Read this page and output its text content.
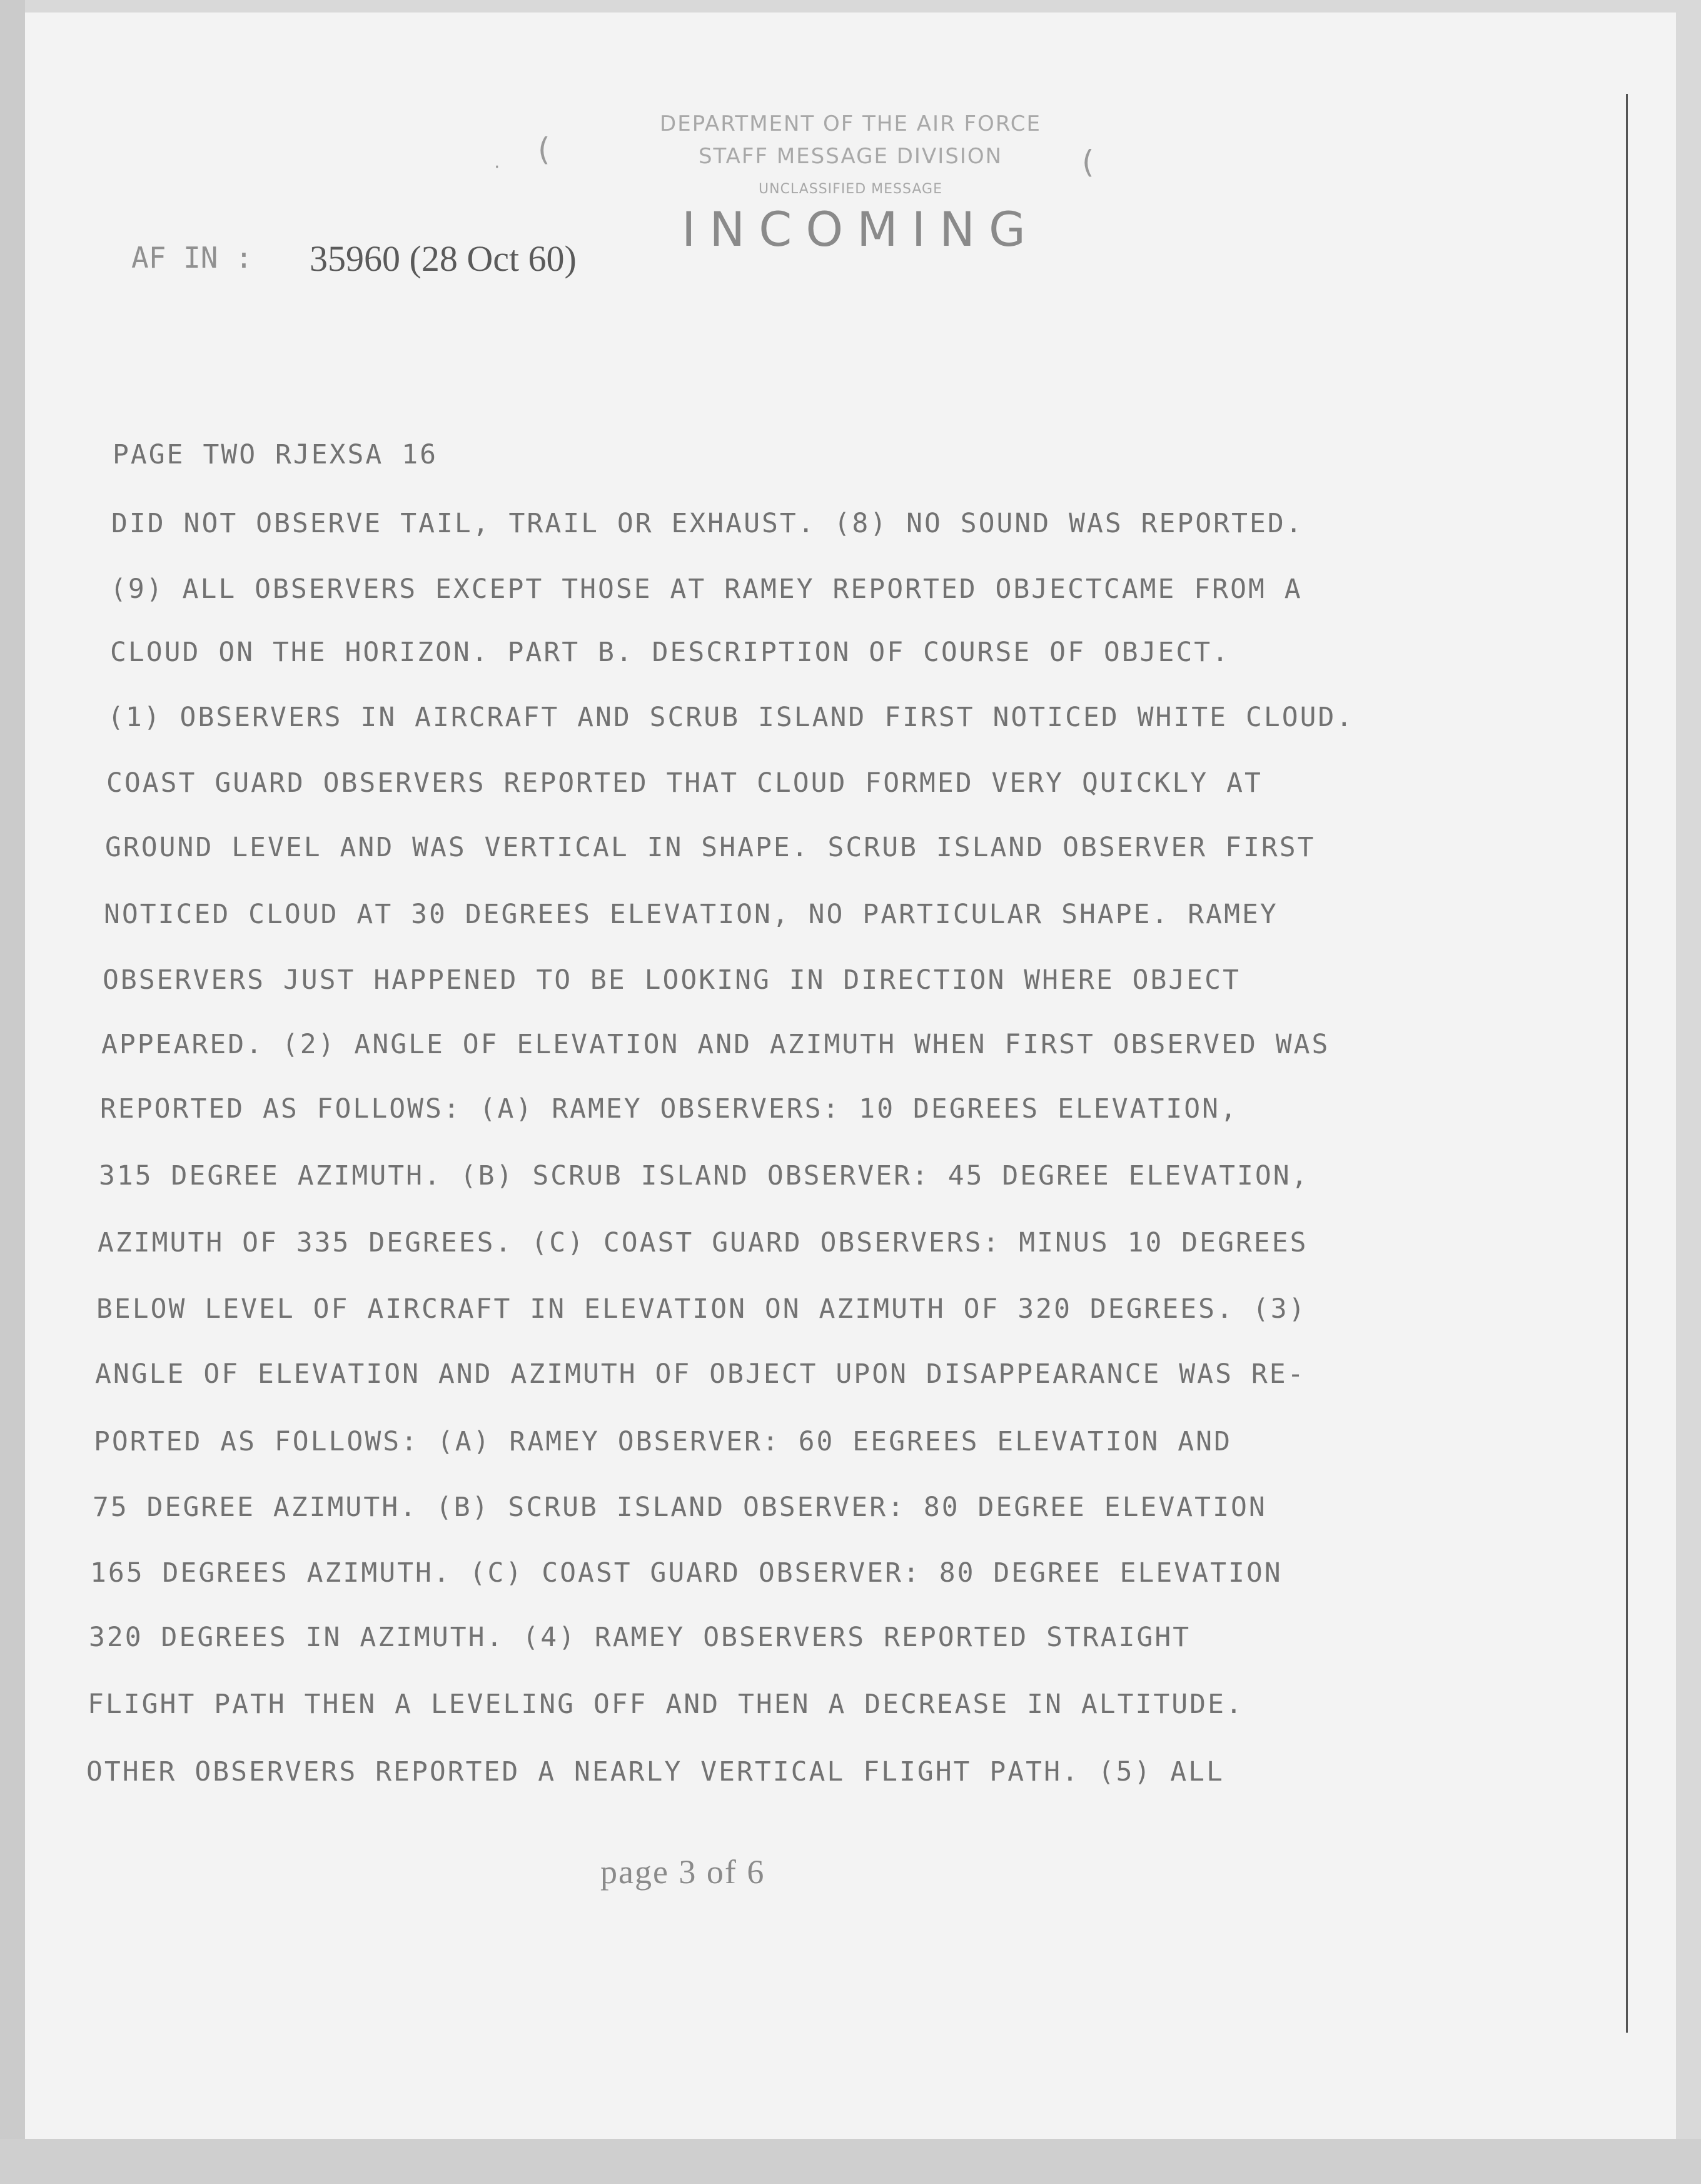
DEPARTMENT OF THE AIR FORCE
STAFF MESSAGE DIVISION
UNCLASSIFIED MESSAGE
INCOMING
· (	(
AF IN : 35960 (28 Oct 60)
PAGE TWO RJEXSA 16
DID NOT OBSERVE TAIL, TRAIL OR EXHAUST. (8) NO SOUND WAS REPORTED.
(9) ALL OBSERVERS EXCEPT THOSE AT RAMEY REPORTED OBJECTCAME FROM A
CLOUD ON THE HORIZON. PART B. DESCRIPTION OF COURSE OF OBJECT.
(1) OBSERVERS IN AIRCRAFT AND SCRUB ISLAND FIRST NOTICED WHITE CLOUD.
COAST GUARD OBSERVERS REPORTED THAT CLOUD FORMED VERY QUICKLY AT
GROUND LEVEL AND WAS VERTICAL IN SHAPE. SCRUB ISLAND OBSERVER FIRST
NOTICED CLOUD AT 30 DEGREES ELEVATION, NO PARTICULAR SHAPE. RAMEY
OBSERVERS JUST HAPPENED TO BE LOOKING IN DIRECTION WHERE OBJECT
APPEARED. (2) ANGLE OF ELEVATION AND AZIMUTH WHEN FIRST OBSERVED WAS
REPORTED AS FOLLOWS: (A) RAMEY OBSERVERS: 10 DEGREES ELEVATION,
315 DEGREE AZIMUTH. (B) SCRUB ISLAND OBSERVER: 45 DEGREE ELEVATION,
AZIMUTH OF 335 DEGREES. (C) COAST GUARD OBSERVERS: MINUS 10 DEGREES
BELOW LEVEL OF AIRCRAFT IN ELEVATION ON AZIMUTH OF 320 DEGREES. (3)
ANGLE OF ELEVATION AND AZIMUTH OF OBJECT UPON DISAPPEARANCE WAS RE-
PORTED AS FOLLOWS: (A) RAMEY OBSERVER: 60 EEGREES ELEVATION AND
75 DEGREE AZIMUTH. (B) SCRUB ISLAND OBSERVER: 80 DEGREE ELEVATION
165 DEGREES AZIMUTH. (C) COAST GUARD OBSERVER: 80 DEGREE ELEVATION
320 DEGREES IN AZIMUTH. (4) RAMEY OBSERVERS REPORTED STRAIGHT
FLIGHT PATH THEN A LEVELING OFF AND THEN A DECREASE IN ALTITUDE.
OTHER OBSERVERS REPORTED A NEARLY VERTICAL FLIGHT PATH. (5) ALL
page 3 of 6
